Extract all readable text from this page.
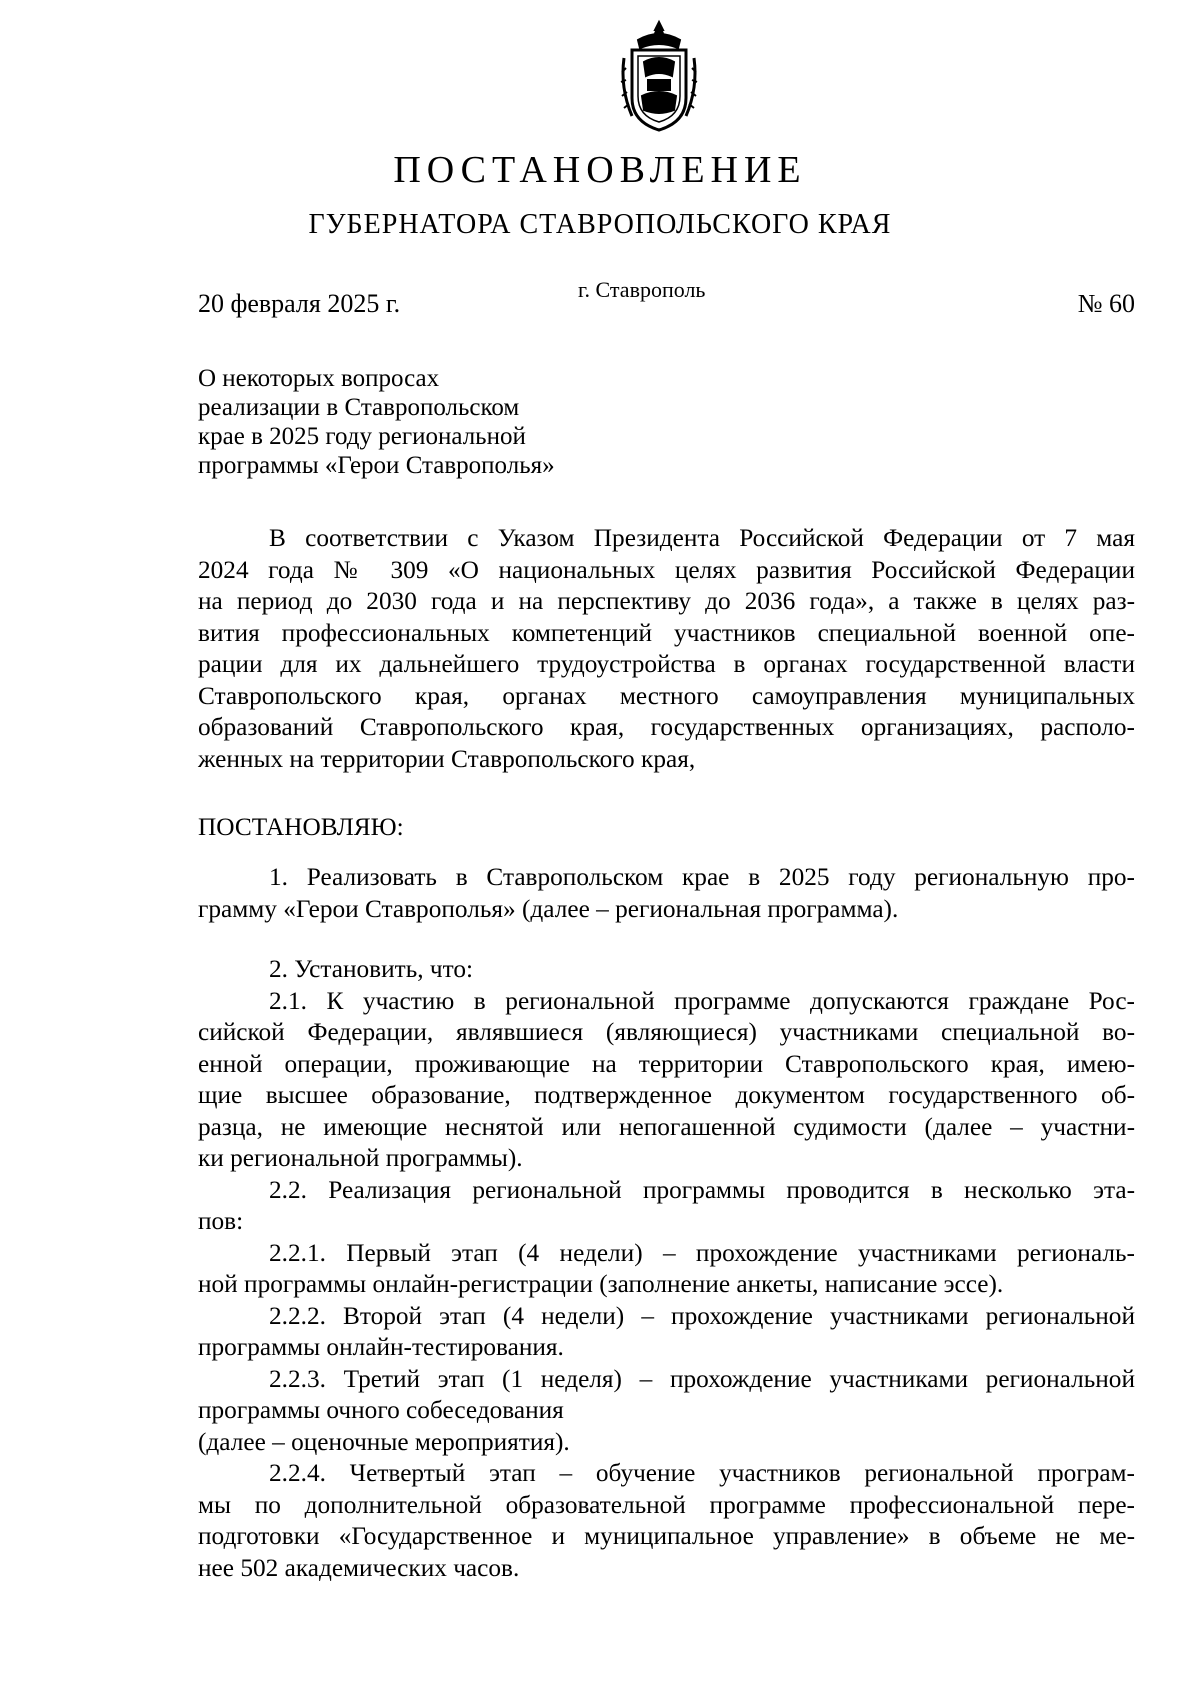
ПОСТАНОВЛЕНИЕ
ГУБЕРНАТОРА СТАВРОПОЛЬСКОГО КРАЯ
20 февраля 2025 г.	г. Ставрополь	№ 60
О некоторых вопросах
реализации в Ставропольском
крае в 2025 году региональной
программы «Герои Ставрополья»
В соответствии с Указом Президента Российской Федерации от 7 мая
2024 года № 309 «О национальных целях развития Российской Федерации
на период до 2030 года и на перспективу до 2036 года», а также в целях раз-
вития профессиональных компетенций участников специальной военной опе-
рации для их дальнейшего трудоустройства в органах государственной власти
Ставропольского края, органах местного самоуправления муниципальных
образований Ставропольского края, государственных организациях, располо-
женных на территории Ставропольского края,
ПОСТАНОВЛЯЮ:
1. Реализовать в Ставропольском крае в 2025 году региональную про-
грамму «Герои Ставрополья» (далее – региональная программа).
2. Установить, что:
2.1. К участию в региональной программе допускаются граждане Рос-
сийской Федерации, являвшиеся (являющиеся) участниками специальной во-
енной операции, проживающие на территории Ставропольского края, имею-
щие высшее образование, подтвержденное документом государственного об-
разца, не имеющие неснятой или непогашенной судимости (далее – участни-
ки региональной программы).
2.2. Реализация региональной программы проводится в несколько эта-
пов:
2.2.1. Первый этап (4 недели) – прохождение участниками региональ-
ной программы онлайн-регистрации (заполнение анкеты, написание эссе).
2.2.2. Второй этап (4 недели) – прохождение участниками региональной
программы онлайн-тестирования.
2.2.3. Третий этап (1 неделя) – прохождение участниками региональной
программы очного собеседования
(далее – оценочные мероприятия).
2.2.4. Четвертый этап – обучение участников региональной програм-
мы по дополнительной образовательной программе профессиональной пере-
подготовки «Государственное и муниципальное управление» в объеме не ме-
нее 502 академических часов.
